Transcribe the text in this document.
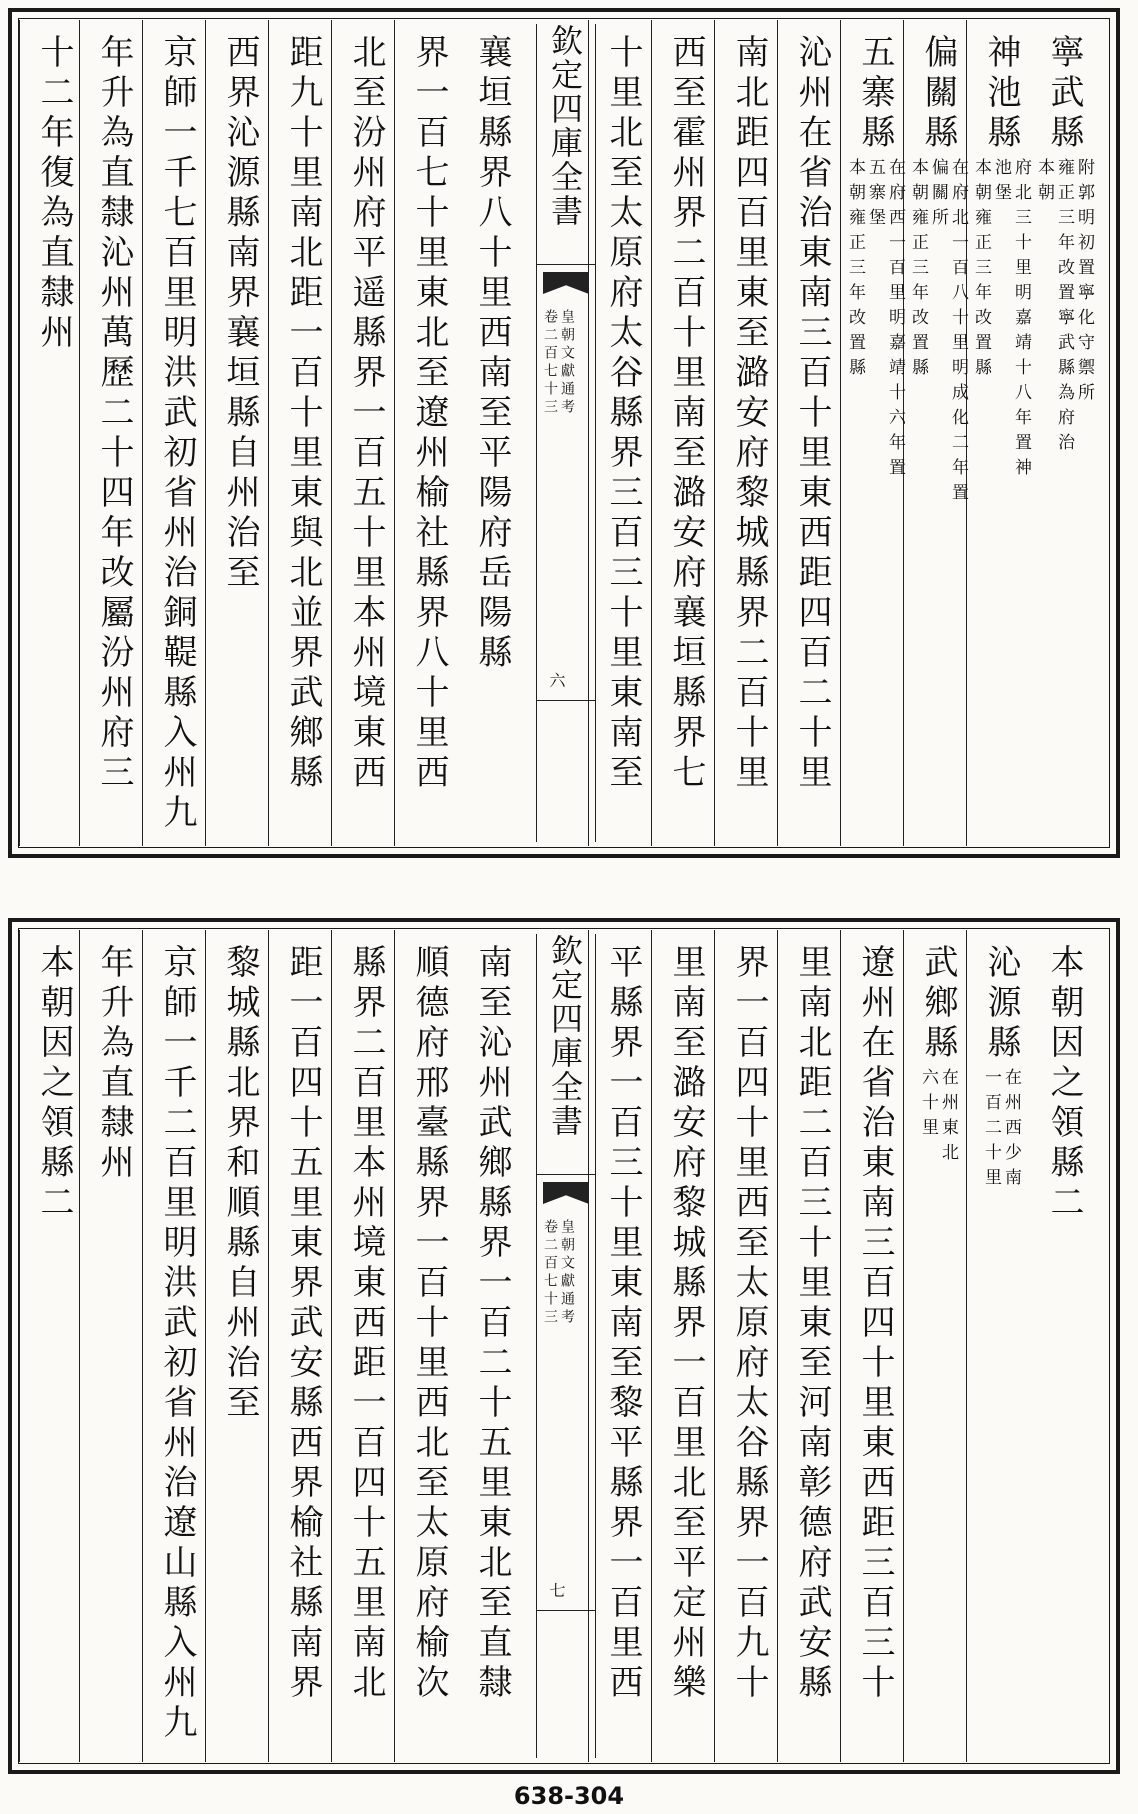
寧武縣
附郭明初置寧化守禦所
雍正三年改置寧武縣為府治
本朝
神池縣
府北三十里明嘉靖十八年置神
池堡
本朝雍正三年改置縣
偏關縣
在府北一百八十里明成化二年置
偏關所
本朝雍正三年改置縣
五寨縣
在府西一百里明嘉靖十六年置
五寨堡
本朝雍正三年改置縣
沁州在省治東南三百十里東西距四百二十里
南北距四百里東至潞安府黎城縣界二百十里
西至霍州界二百十里南至潞安府襄垣縣界七
十里北至太原府太谷縣界三百三十里東南至
欽定四庫全書
皇朝文獻通考
卷二百七十三
六
襄垣縣界八十里西南至平陽府岳陽縣
界一百七十里東北至遼州榆社縣界八十里西
北至汾州府平遥縣界一百五十里本州境東西
距九十里南北距一百十里東與北並界武鄉縣
西界沁源縣南界襄垣縣自州治至
京師一千七百里明洪武初省州治銅鞮縣入州九
年升為直隸沁州萬歷二十四年改屬汾州府三
十二年復為直隸州
本朝因之領縣二
沁源縣
在州西少南
一百二十里
武鄉縣
在州東北
六十里
遼州在省治東南三百四十里東西距三百三十
里南北距二百三十里東至河南彰德府武安縣
界一百四十里西至太原府太谷縣界一百九十
里南至潞安府黎城縣界一百里北至平定州樂
平縣界一百三十里東南至黎平縣界一百里西
欽定四庫全書
皇朝文獻通考
卷二百七十三
七
南至沁州武鄉縣界一百二十五里東北至直隸
順德府邢臺縣界一百十里西北至太原府榆次
縣界二百里本州境東西距一百四十五里南北
距一百四十五里東界武安縣西界榆社縣南界
黎城縣北界和順縣自州治至
京師一千二百里明洪武初省州治遼山縣入州九
年升為直隸州
本朝因之領縣二
638-304
